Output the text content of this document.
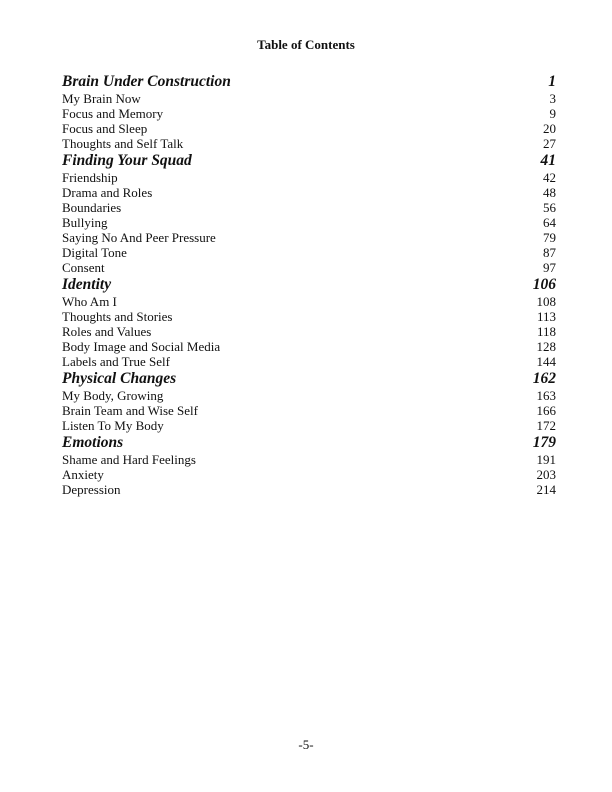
Table of Contents
Brain Under Construction	1
My Brain Now	3
Focus and Memory	9
Focus and Sleep	20
Thoughts and Self Talk	27
Finding Your Squad	41
Friendship	42
Drama and Roles	48
Boundaries	56
Bullying	64
Saying No And Peer Pressure	79
Digital Tone	87
Consent	97
Identity	106
Who Am I	108
Thoughts and Stories	113
Roles and Values	118
Body Image and Social Media	128
Labels and True Self	144
Physical Changes	162
My Body, Growing	163
Brain Team and Wise Self	166
Listen To My Body	172
Emotions	179
Shame and Hard Feelings	191
Anxiety	203
Depression	214
-5-
